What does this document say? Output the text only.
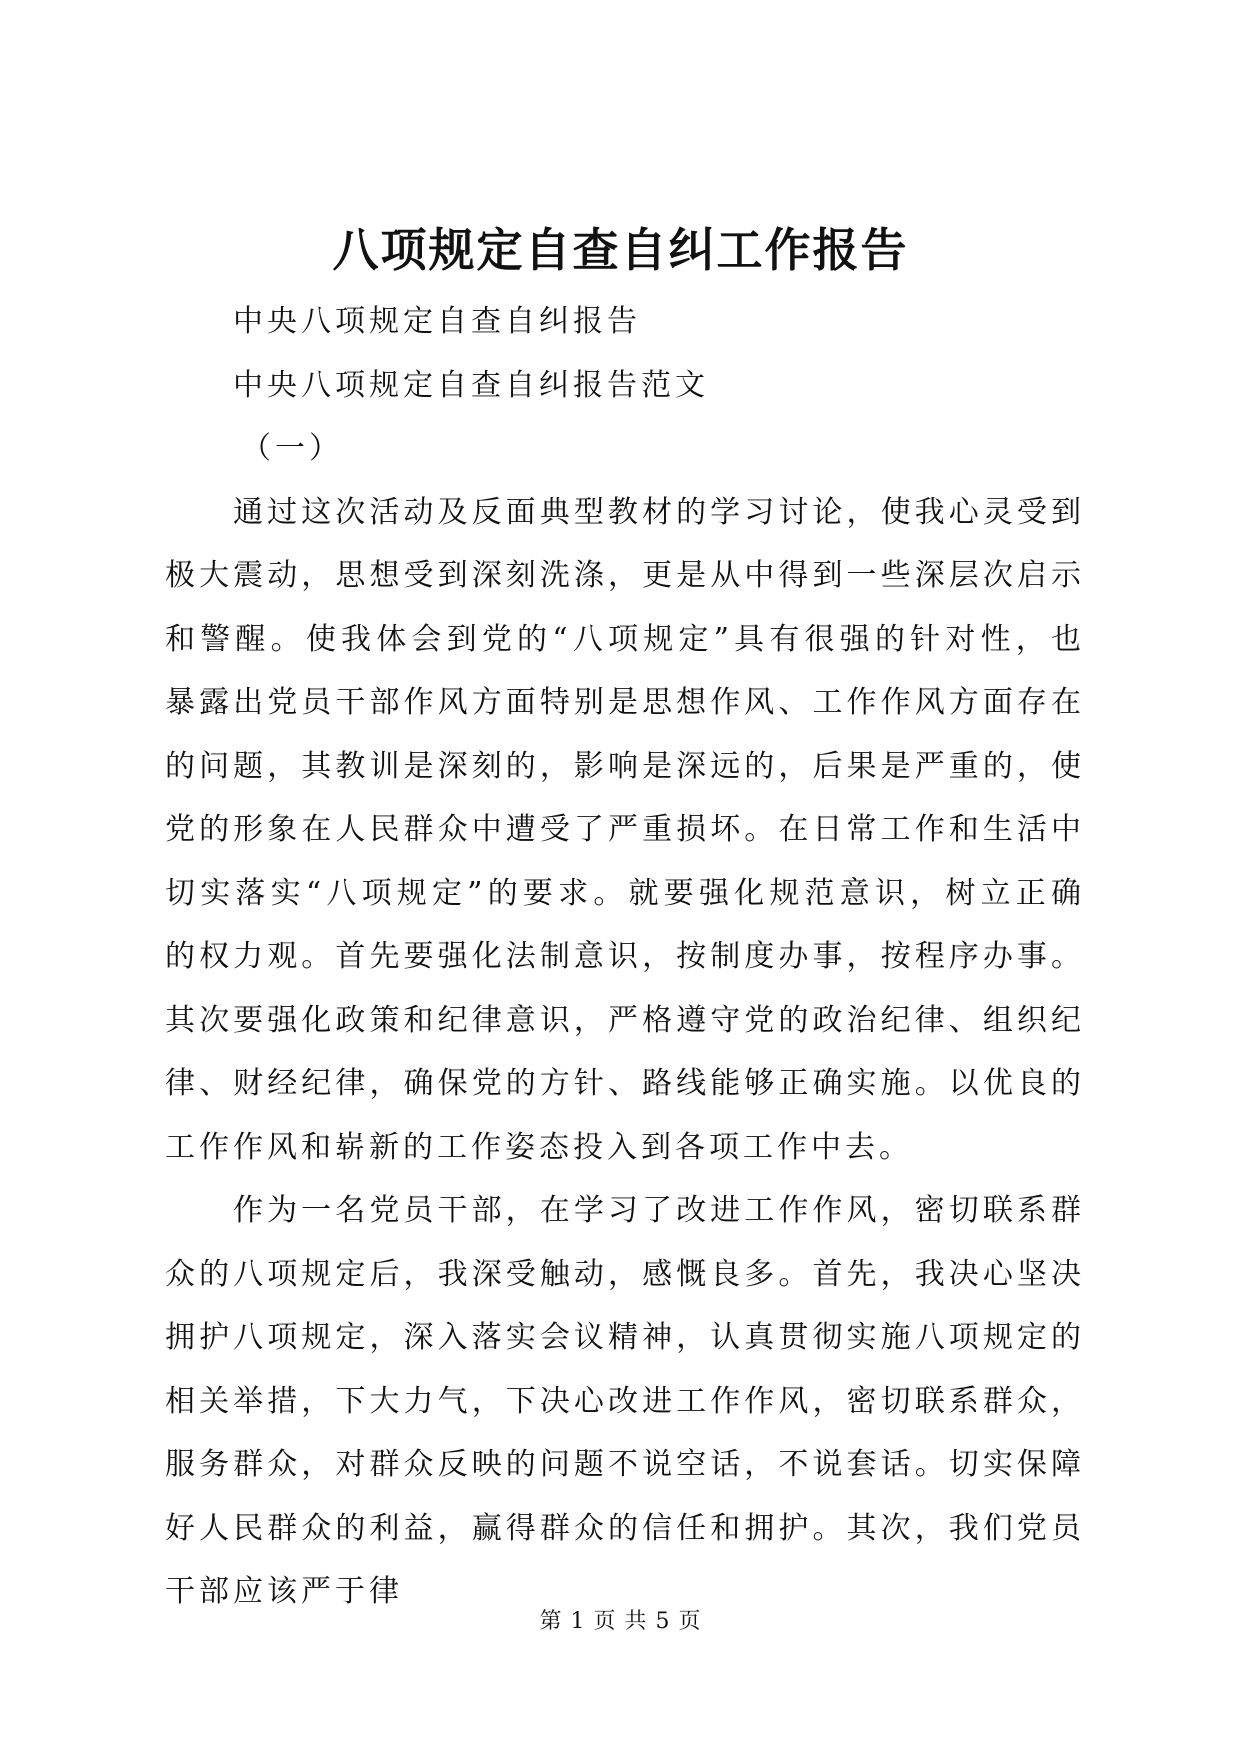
八项规定自查自纠工作报告

中央八项规定自查自纠报告

中央八项规定自查自纠报告范文

（一）

通过这次活动及反面典型教材的学习讨论，使我心灵受到极大震动，思想受到深刻洗涤，更是从中得到一些深层次启示和警醒。使我体会到党的“八项规定”具有很强的针对性，也暴露出党员干部作风方面特别是思想作风、工作作风方面存在的问题，其教训是深刻的，影响是深远的，后果是严重的，使党的形象在人民群众中遭受了严重损坏。在日常工作和生活中切实落实“八项规定”的要求。就要强化规范意识，树立正确的权力观。首先要强化法制意识，按制度办事，按程序办事。其次要强化政策和纪律意识，严格遵守党的政治纪律、组织纪律、财经纪律，确保党的方针、路线能够正确实施。以优良的工作作风和崭新的工作姿态投入到各项工作中去。

作为一名党员干部，在学习了改进工作作风，密切联系群众的八项规定后，我深受触动，感慨良多。首先，我决心坚决拥护八项规定，深入落实会议精神，认真贯彻实施八项规定的相关举措，下大力气，下决心改进工作作风，密切联系群众，服务群众，对群众反映的问题不说空话，不说套话。切实保障好人民群众的利益，赢得群众的信任和拥护。其次，我们党员干部应该严于律

第 1 页 共 5 页
